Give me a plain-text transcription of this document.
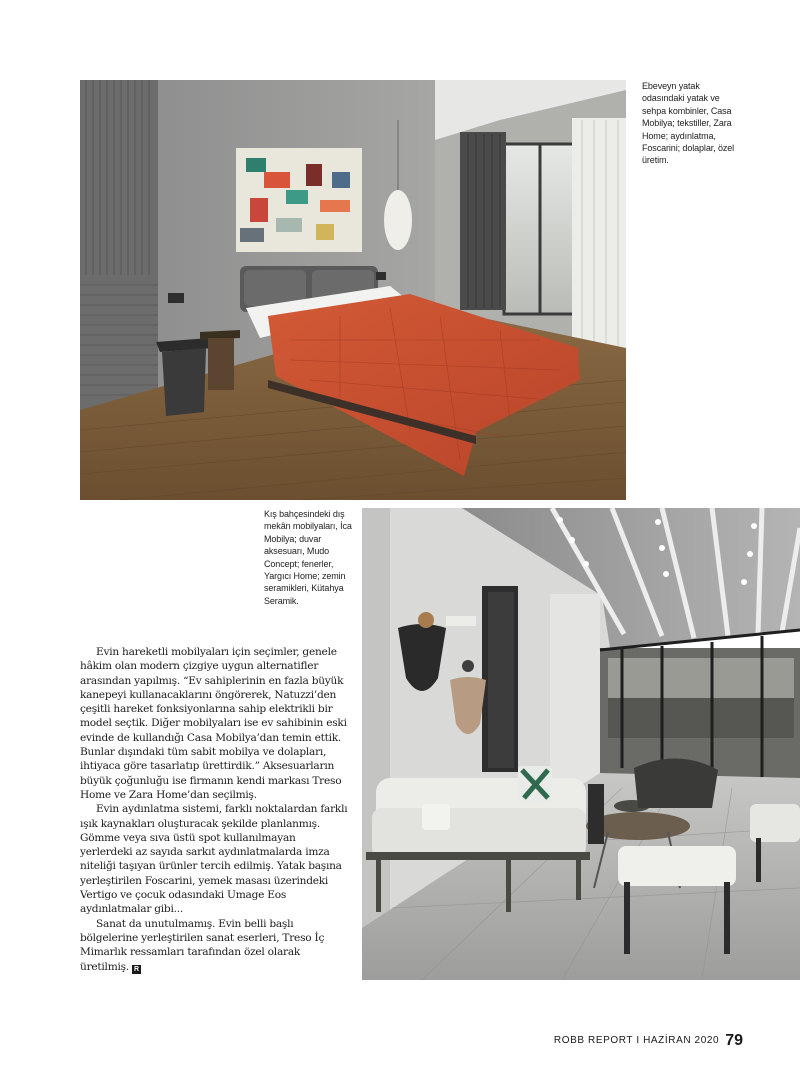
Ebeveyn yatak odasındaki yatak ve sehpa kombinler, Casa Mobilya; tekstiller, Zara Home; aydınlatma, Foscarini; dolaplar, özel üretim.
Kış bahçesindeki dış mekân mobilyaları, İca Mobilya; duvar aksesuarı, Mudo Concept; fenerler, Yargıcı Home; zemin seramikleri, Kütahya Seramik.

Evin hareketli mobilyaları için seçimler, genele hâkim olan modern çizgiye uygun alternatifler arasından yapılmış. “Ev sahiplerinin en fazla büyük kanepeyi kullanacaklarını öngörerek, Natuzzi’den çeşitli hareket fonksiyonlarına sahip elektrikli bir model seçtik. Diğer mobilyaları ise ev sahibinin eski evinde de kullandığı Casa Mobilya’dan temin ettik. Bunlar dışındaki tüm sabit mobilya ve dolapları, ihtiyaca göre tasarlatıp ürettirdik.” Aksesuarların büyük çoğunluğu ise firmanın kendi markası Treso Home ve Zara Home’dan seçilmiş.

Evin aydınlatma sistemi, farklı noktalardan farklı ışık kaynakları oluşturacak şekilde planlanmış. Gömme veya sıva üstü spot kullanılmayan yerlerdeki az sayıda sarkıt aydınlatmalarda imza niteliği taşıyan ürünler tercih edilmiş. Yatak başına yerleştirilen Foscarini, yemek masası üzerindeki Vertigo ve çocuk odasındaki Umage Eos aydınlatmalar gibi...

Sanat da unutulmamış. Evin belli başlı bölgelerine yerleştirilen sanat eserleri, Treso İç Mimarlık ressamları tarafından özel olarak üretilmiş. R

ROBB REPORT I HAZİRAN 2020 79
